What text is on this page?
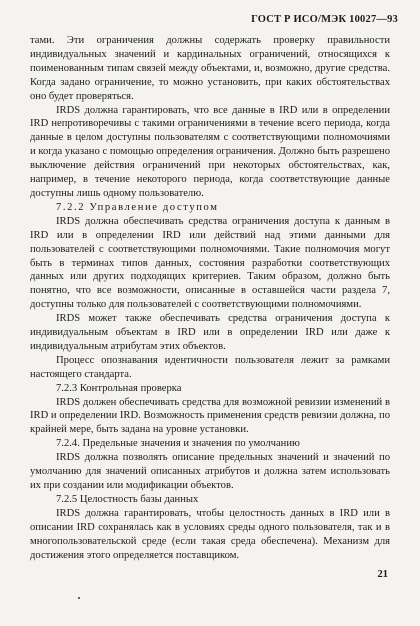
ГОСТ Р ИСО/МЭК 10027—93

тами. Эти ограничения должны содержать проверку правильности индивидуальных значений и кардинальных ограничений, относящихся к поименованным типам связей между объектами, и, возможно, другие средства. Когда задано ограничение, то можно установить, при каких обстоятельствах оно будет проверяться.

IRDS должна гарантировать, что все данные в IRD или в определении IRD непротиворечивы с такими ограничениями в течение всего периода, когда данные в целом доступны пользователям с соответствующими полномочиями и когда указано с помощью определения ограничения. Должно быть разрешено выключение действия ограничений при некоторых обстоятельствах, как, например, в течение некоторого периода, когда соответствующие данные доступны лишь одному пользователю.

7.2.2 Управление доступом

IRDS должна обеспечивать средства ограничения доступа к данным в IRD или в определении IRD или действий над этими данными для пользователей с соответствующими полномочиями. Такие полномочия могут быть в терминах типов данных, состояния разработки соответствующих данных или других подходящих критериев. Таким образом, должно быть понятно, что все возможности, описанные в оставшейся части раздела 7, доступны только для пользователей с соответствующими полномочиями.

IRDS может также обеспечивать средства ограничения доступа к индивидуальным объектам в IRD или в определении IRD или даже к индивидуальным атрибутам этих объектов.

Процесс опознавания идентичности пользователя лежит за рамками настоящего стандарта.

7.2.3 Контрольная проверка

IRDS должен обеспечивать средства для возможной ревизии изменений в IRD и определении IRD. Возможность применения средств ревизии должна, по крайней мере, быть задана на уровне установки.

7.2.4. Предельные значения и значения по умолчанию

IRDS должна позволять описание предельных значений и значений по умолчанию для значений описанных атрибутов и должна затем использовать их при создании или модификации объектов.

7.2.5 Целостность базы данных

IRDS должна гарантировать, чтобы целостность данных в IRD или в описании IRD сохранялась как в условиях среды одного пользователя, так и в многопользовательской среде (если такая среда обеспечена). Механизм для достижения этого определяется поставщиком.

21
